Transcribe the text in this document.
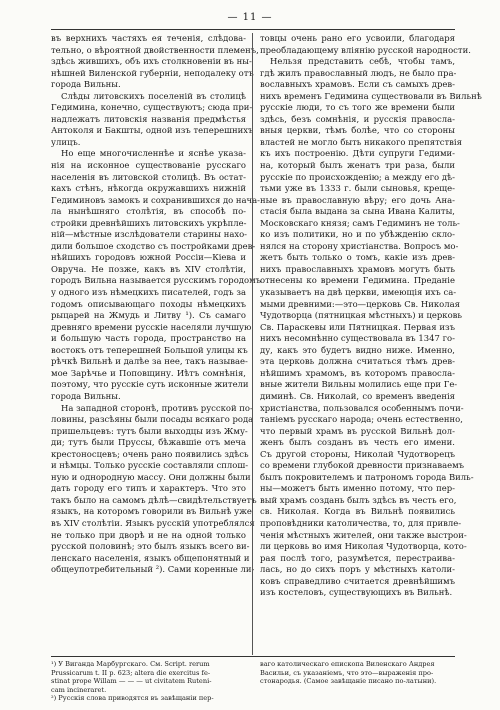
— 11 —
въ верхнихъ частяхъ ея теченія, слѣдова-
тельно, о вѣроятной двойственности племенъ,
здѣсь жившихъ, объ ихъ столкновеніи въ ны-
нѣшней Виленской губерніи, неподалеку отъ
города Вильны.
Слѣды литовскихъ поселеній въ столицѣ
Гедимина, конечно, существуютъ; сюда при-
надлежатъ литовскія названія предмѣстья
Антоколя и Бакшты, одной изъ теперешнихъ
улицъ.
Но еще многочисленнѣе и яснѣе указа-
нія на исконное существованіе русскаго
населенія въ литовской столицѣ. Въ остат-
кахъ стѣнъ, нѣкогда окружавшихъ нижній
Гедиминовъ замокъ и сохранившихся до нача-
ла нынѣшняго столѣтія, въ способѣ по-
стройки древнѣйшихъ литовскихъ укрѣпле-
ній—мѣстные изслѣдователи старины нахо-
дили большое сходство съ постройками древ-
нѣйшихъ городовъ южной Россіи—Кіева и
Овруча. Не позже, какъ въ XIV столѣтіи,
городъ Вильна называется русскимъ городомъ
у одного изъ нѣмецкихъ писателей, годъ за
годомъ описывающаго походы нѣмецкихъ
рыцарей на Жмудь и Литву ¹). Съ самаго
древняго времени русскіе населяли лучшую
и большую часть города, пространство на
востокъ отъ теперешней Большой улицы къ
рѣчкѣ Вильнѣ и далѣе за нее, такъ называе-
мое Зарѣчье и Поповщину. Иѣтъ сомнѣнія,
поэтому, что русскіе суть исконные жители
города Вильны.
На западной сторонѣ, противъ русской по-
ловины, разсѣяны были посады всякаго рода
пришельцевъ: тутъ были выходцы изъ Жму-
ди; тутъ были Пруссы, бѣжавшіе отъ меча
крестоносцевъ; очень рано появились здѣсь
и нѣмцы. Только русскіе составляли сплош-
ную и однородную массу. Они должны были
дать городу его типъ и характеръ. Что это
такъ было на самомъ дѣлѣ—свидѣтельствуетъ
языкъ, на которомъ говорили въ Вильнѣ уже
въ XIV столѣтіи. Языкъ русскій употреблялся
не только при дворѣ и не на одной только
русской половинѣ; это былъ языкъ всего ви-
ленскаго населенія, языкъ общепонятный и
общеупотребительный ²). Сами коренные ли-
товцы очень рано его усвоили, благодаря
преобладающему вліянію русской народности.
Нельзя представить себѣ, чтобы тамъ,
гдѣ жилъ православный людъ, не было пра-
вославныхъ храмовъ. Если съ самыхъ древ-
нихъ временъ Гедимина существовали въ Вильнѣ
русскіе люди, то съ того же времени были
здѣсь, безъ сомнѣнія, и русскія правосла-
вныя церкви, тѣмъ болѣе, что со стороны
властей не могло быть никакого препятствія
къ ихъ построенію. Дѣти супруги Гедими-
на, который былъ женатъ три раза, были
русскіе по происхожденію; а между его дѣ-
тьми уже въ 1333 г. были сыновья, креще-
ные въ православную вѣру; его дочь Ана-
стасія была выдана за сына Ивана Калиты,
Московскаго князя; самъ Гедиминъ не толь-
ко изъ политики, но и по убѣжденію скло-
нялся на сторону христіанства. Вопросъ мо-
жетъ быть только о томъ, какіе изъ древ-
нихъ православныхъ храмовъ могутъ быть
отнесены ко времени Гедимина. Преданіе
указываетъ на двѣ церкви, имеющія ихъ са-
мыми древними:—это—церковь Св. Николая
Чудотворца (пятницкая мѣстныхъ) и церковь
Св. Параскевы или Пятницкая. Первая изъ
нихъ несомнѣнно существовала въ 1347 го-
ду, какъ это будетъ видно ниже. Именно,
эта церковь должна считаться тѣмъ древ-
нѣйшимъ храмомъ, въ которомъ правосла-
вные жители Вильны молились еще при Ге-
диминѣ. Св. Николай, со временъ введенія
христіанства, пользовался особеннымъ почи-
таніемъ русскаго народа; очень естественно,
что первый храмъ въ русской Вильнѣ дол-
женъ былъ созданъ въ честь его имени.
Съ другой стороны, Николай Чудотворецъ
со времени глубокой древности признаваемъ
былъ покровителемъ и патрономъ города Виль-
ны—можетъ быть именно потому, что пер-
вый храмъ создань былъ здѣсь въ честь его,
св. Николая. Когда въ Вильнѣ появились
проповѣдники католичества, то, для привле-
ченія мѣстныхъ жителей, они также выстрои-
ли церковь во имя Николая Чудотворца, кото-
рая послѣ того, разумѣется, перестраива-
лась, но до сихъ поръ у мѣстныхъ католи-
ковъ справедливо считается древнѣйшимъ
изъ костеловъ, существующихъ въ Вильнѣ.
¹) У Вигандa Марбургскаго. Cм. Script. rerum
Prussicarum t. II p. 623; altera die exercitus fe-
stinat prope Willam — — — ut civitatem Ruteni-
cam incineraret.
²) Русскія слова приводятся въ завѣщаніи пер-
ваго католическаго епископа Виленскаго Андрея
Васильи, съ указаніемъ, что это—выраженія про-
стонародья. (Самое завѣщаніе писано по-латыни).
